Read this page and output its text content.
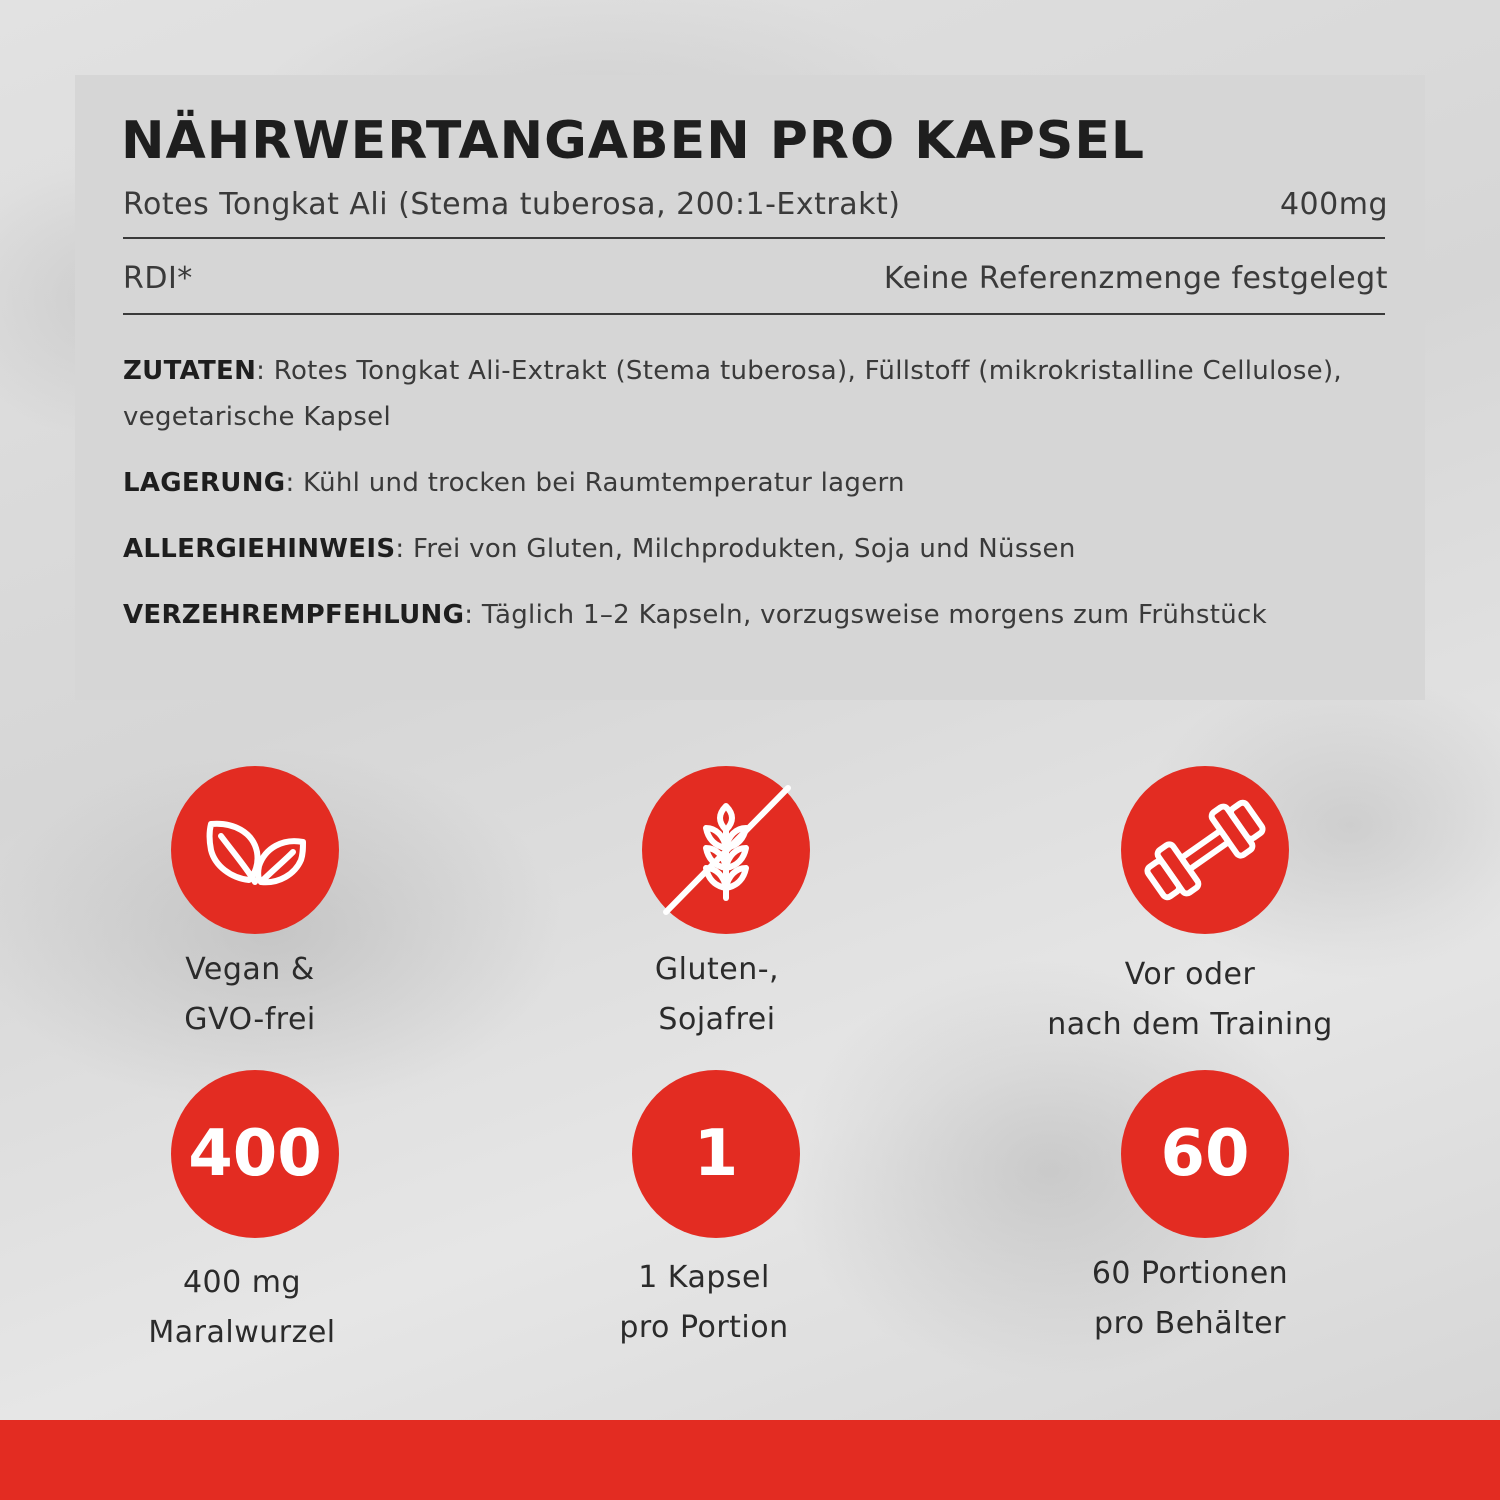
NÄHRWERTANGABEN PRO KAPSEL
Rotes Tongkat Ali (Stema tuberosa, 200:1-Extrakt)	400mg
RDI*	Keine Referenzmenge festgelegt

ZUTATEN: Rotes Tongkat Ali-Extrakt (Stema tuberosa), Füllstoff (mikrokristalline Cellulose), vegetarische Kapsel

LAGERUNG: Kühl und trocken bei Raumtemperatur lagern

ALLERGIEHINWEIS: Frei von Gluten, Milchprodukten, Soja und Nüssen

VERZEHREMPFEHLUNG: Täglich 1–2 Kapseln, vorzugsweise morgens zum Frühstück

Vegan &
GVO-frei
Gluten-,
Sojafrei
Vor oder
nach dem Training
400
400 mg
Maralwurzel
1
1 Kapsel
pro Portion
60
60 Portionen
pro Behälter
